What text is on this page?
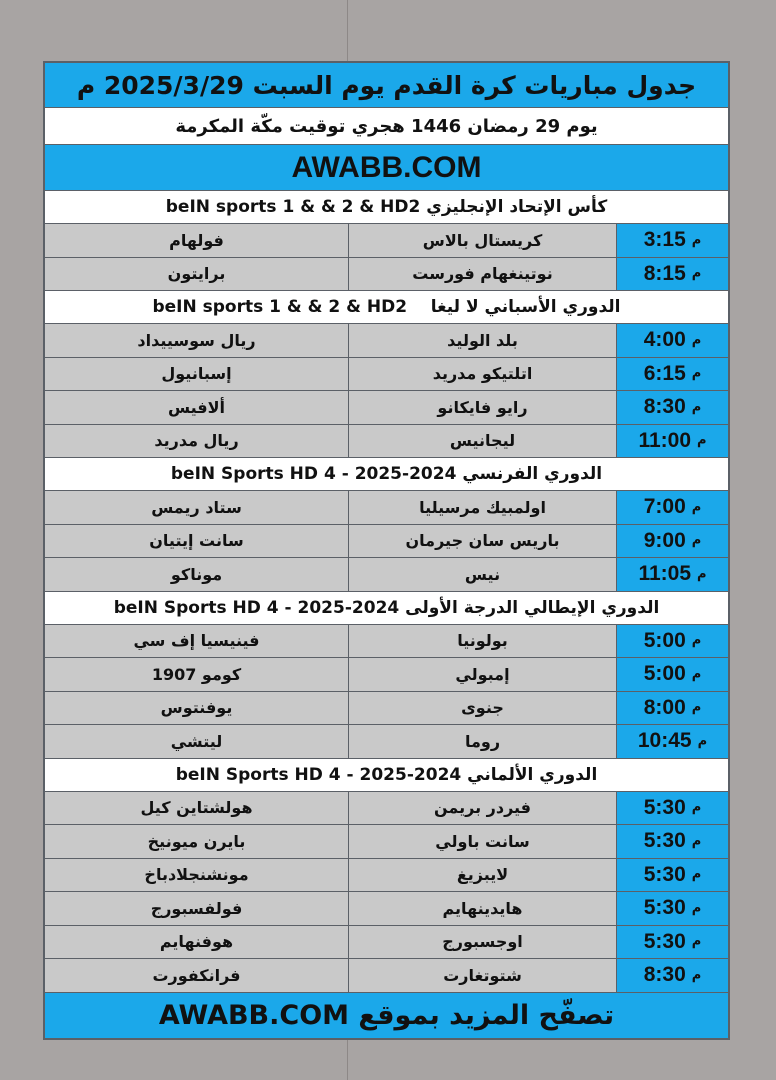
جدول مباريات كرة القدم يوم السبت 2025/3/29 م
يوم 29 رمضان 1446 هجري توقيت مكّة المكرمة
AWABB.COM
كأس الإتحاد الإنجليزي beIN sports 1 & & 2 & HD2
فولهام	كريستال بالاس	3:15 م
برايتون	نوتينغهام فورست	8:15 م
الدوري الأسباني لا ليغا    beIN sports 1 & & 2 & HD2
ريال سوسييداد	بلد الوليد	4:00 م
إسبانيول	اتلتيكو مدريد	6:15 م
ألافيس	رايو فايكانو	8:30 م
ريال مدريد	ليجانيس	11:00 م
الدوري الفرنسي 2024-2025 - beIN Sports HD 4
ستاد ريمس	اولمبيك مرسيليا	7:00 م
سانت إيتيان	باريس سان جيرمان	9:00 م
موناكو	نيس	11:05 م
الدوري الإيطالي الدرجة الأولى 2024-2025 - beIN Sports HD 4
فينيسيا إف سي	بولونيا	5:00 م
كومو 1907	إمبولي	5:00 م
يوفنتوس	جنوى	8:00 م
ليتشي	روما	10:45 م
الدوري الألماني 2024-2025 - beIN Sports HD 4
هولشتاين كيل	فيردر بريمن	5:30 م
بايرن ميونيخ	سانت باولي	5:30 م
مونشنجلادباخ	لايبزيغ	5:30 م
فولفسبورج	هايدينهايم	5:30 م
هوفنهايم	اوجسبورج	5:30 م
فرانكفورت	شتوتغارت	8:30 م
تصفّح المزيد بموقع AWABB.COM
